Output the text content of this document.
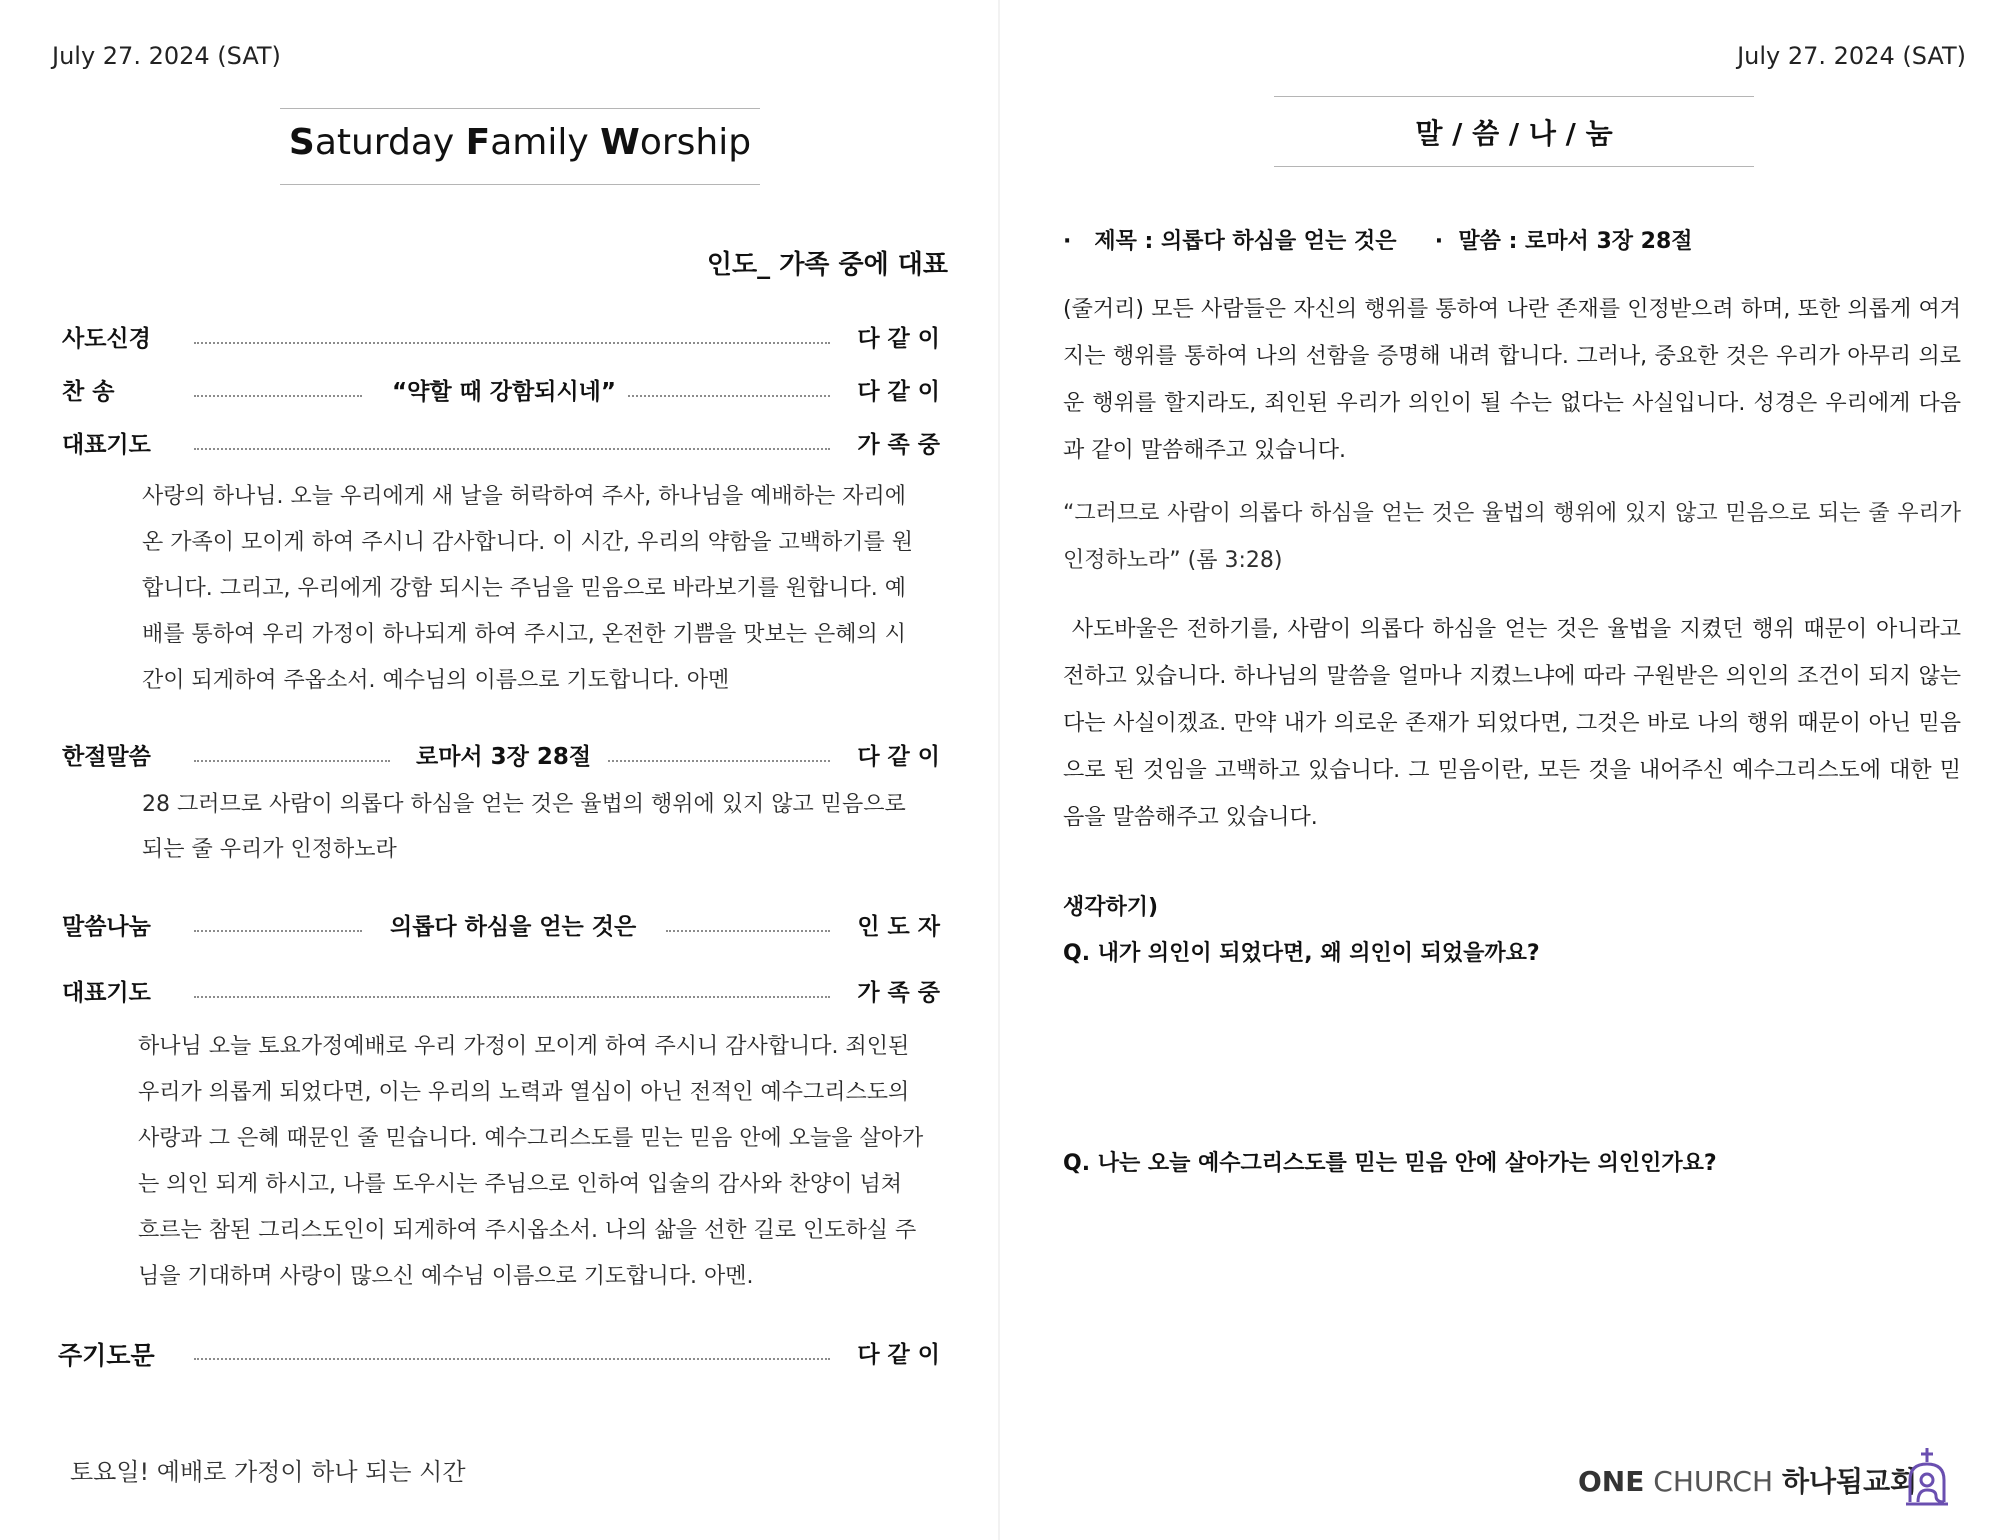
July 27. 2024 (SAT)
Saturday Family Worship
인도_ 가족 중에 대표
사도신경	다 같 이
찬 송	“약할 때 강함되시네”	다 같 이
대표기도	가 족 중
사랑의 하나님. 오늘 우리에게 새 날을 허락하여 주사, 하나님을 예배하는 자리에
온 가족이 모이게 하여 주시니 감사합니다. 이 시간, 우리의 약함을 고백하기를 원
합니다. 그리고, 우리에게 강함 되시는 주님을 믿음으로 바라보기를 원합니다. 예
배를 통하여 우리 가정이 하나되게 하여 주시고, 온전한 기쁨을 맛보는 은혜의 시
간이 되게하여 주옵소서. 예수님의 이름으로 기도합니다. 아멘
한절말씀	로마서 3장 28절	다 같 이
28 그러므로 사람이 의롭다 하심을 얻는 것은 율법의 행위에 있지 않고 믿음으로
되는 줄 우리가 인정하노라
말씀나눔	의롭다 하심을 얻는 것은	인 도 자
대표기도	가 족 중
하나님 오늘 토요가정예배로 우리 가정이 모이게 하여 주시니 감사합니다. 죄인된
우리가 의롭게 되었다면, 이는 우리의 노력과 열심이 아닌 전적인 예수그리스도의
사랑과 그 은혜 때문인 줄 믿습니다. 예수그리스도를 믿는 믿음 안에 오늘을 살아가
는 의인 되게 하시고, 나를 도우시는 주님으로 인하여 입술의 감사와 찬양이 넘쳐
흐르는 참된 그리스도인이 되게하여 주시옵소서. 나의 삶을 선한 길로 인도하실 주
님을 기대하며 사랑이 많으신 예수님 이름으로 기도합니다. 아멘.
주기도문	다 같 이
토요일! 예배로 가정이 하나 되는 시간
July 27. 2024 (SAT)
말 / 씀 / 나 / 눔
·   제목 : 의롭다 하심을 얻는 것은     ·  말씀 : 로마서 3장 28절
(줄거리) 모든 사람들은 자신의 행위를 통하여 나란 존재를 인정받으려 하며, 또한 의롭게 여겨지는 행위를 통하여 나의 선함을 증명해 내려 합니다. 그러나, 중요한 것은 우리가 아무리 의로운 행위를 할지라도, 죄인된 우리가 의인이 될 수는 없다는 사실입니다. 성경은 우리에게 다음과 같이 말씀해주고 있습니다.
“그러므로 사람이 의롭다 하심을 얻는 것은 율법의 행위에 있지 않고 믿음으로 되는 줄 우리가 인정하노라” (롬 3:28)
사도바울은 전하기를, 사람이 의롭다 하심을 얻는 것은 율법을 지켰던 행위 때문이 아니라고 전하고 있습니다. 하나님의 말씀을 얼마나 지켰느냐에 따라 구원받은 의인의 조건이 되지 않는다는 사실이겠죠. 만약 내가 의로운 존재가 되었다면, 그것은 바로 나의 행위 때문이 아닌 믿음으로 된 것임을 고백하고 있습니다. 그 믿음이란, 모든 것을 내어주신 예수그리스도에 대한 믿음을 말씀해주고 있습니다.
생각하기)
Q. 내가 의인이 되었다면, 왜 의인이 되었을까요?
Q. 나는 오늘 예수그리스도를 믿는 믿음 안에 살아가는 의인인가요?
ONE CHURCH 하나됨교회
